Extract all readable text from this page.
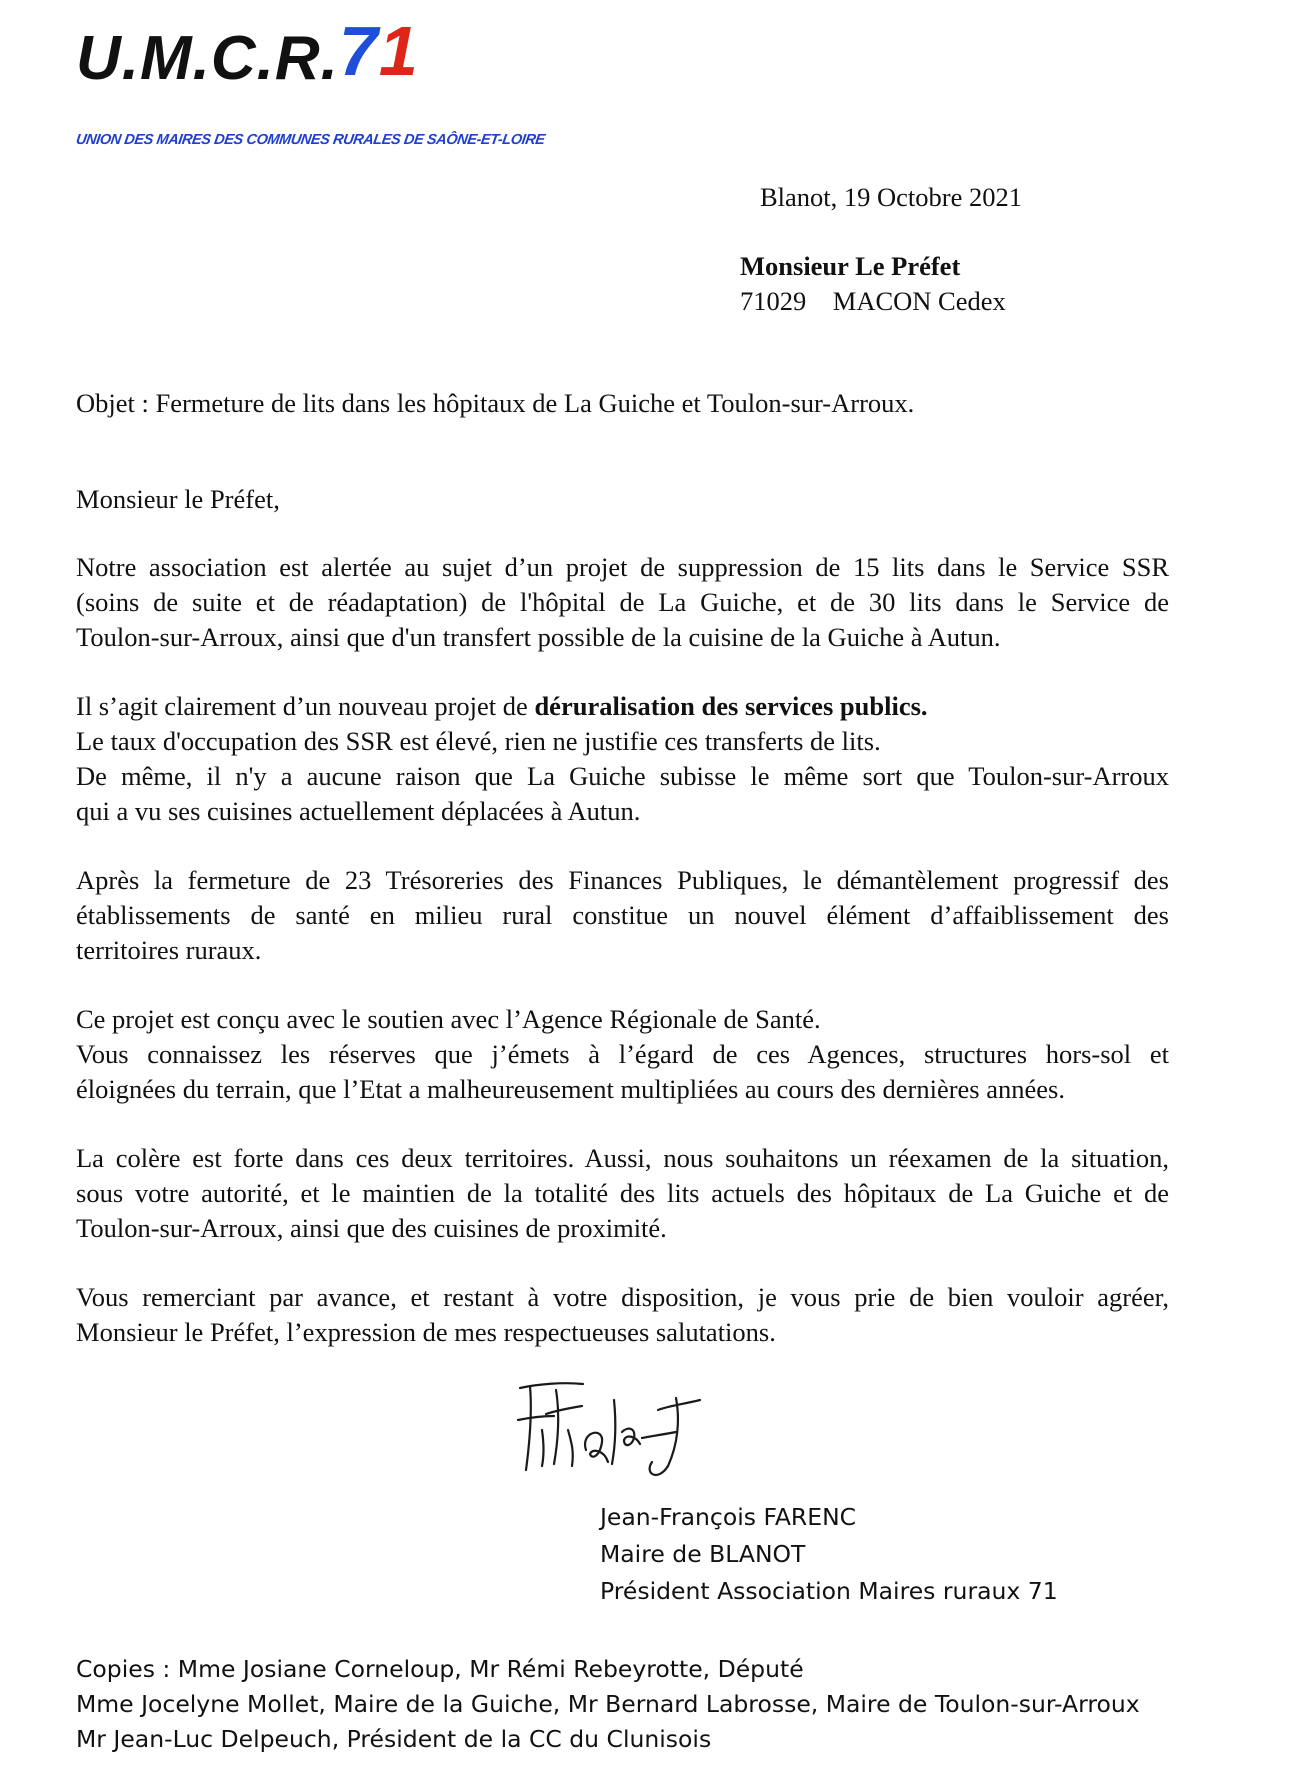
U.M.C.R.71
UNION DES MAIRES DES COMMUNES RURALES DE SAÔNE-ET-LOIRE
Blanot, 19 Octobre 2021
Monsieur Le Préfet
71029    MACON Cedex
Objet : Fermeture de lits dans les hôpitaux de La Guiche et Toulon-sur-Arroux.
Monsieur le Préfet,
Notre association est alertée au sujet d’un projet de suppression de 15 lits dans le Service SSR
(soins de suite et de réadaptation) de l'hôpital de La Guiche, et de 30 lits dans le Service de
Toulon-sur-Arroux, ainsi que d'un transfert possible de la cuisine de la Guiche à Autun.
Il s’agit clairement d’un nouveau projet de déruralisation des services publics.
Le taux d'occupation des SSR est élevé, rien ne justifie ces transferts de lits.
De même, il n'y a aucune raison que La Guiche subisse le même sort que Toulon-sur-Arroux
qui a vu ses cuisines actuellement déplacées à Autun.
Après la fermeture de 23 Trésoreries des Finances Publiques, le démantèlement progressif des
établissements de santé en milieu rural constitue un nouvel élément d’affaiblissement des
territoires ruraux.
Ce projet est conçu avec le soutien avec l’Agence Régionale de Santé.
Vous connaissez les réserves que j’émets à l’égard de ces Agences, structures hors-sol et
éloignées du terrain, que l’Etat a malheureusement multipliées au cours des dernières années.
La colère est forte dans ces deux territoires. Aussi, nous souhaitons un réexamen de la situation,
sous votre autorité, et le maintien de la totalité des lits actuels des hôpitaux de La Guiche et de
Toulon-sur-Arroux, ainsi que des cuisines de proximité.
Vous remerciant par avance, et restant à votre disposition, je vous prie de bien vouloir agréer,
Monsieur le Préfet, l’expression de mes respectueuses salutations.
Jean-François FARENC
Maire de BLANOT
Président Association Maires ruraux 71
Copies : Mme Josiane Corneloup, Mr Rémi Rebeyrotte, Député
Mme Jocelyne Mollet, Maire de la Guiche, Mr Bernard Labrosse, Maire de Toulon-sur-Arroux
Mr Jean-Luc Delpeuch, Président de la CC du Clunisois
